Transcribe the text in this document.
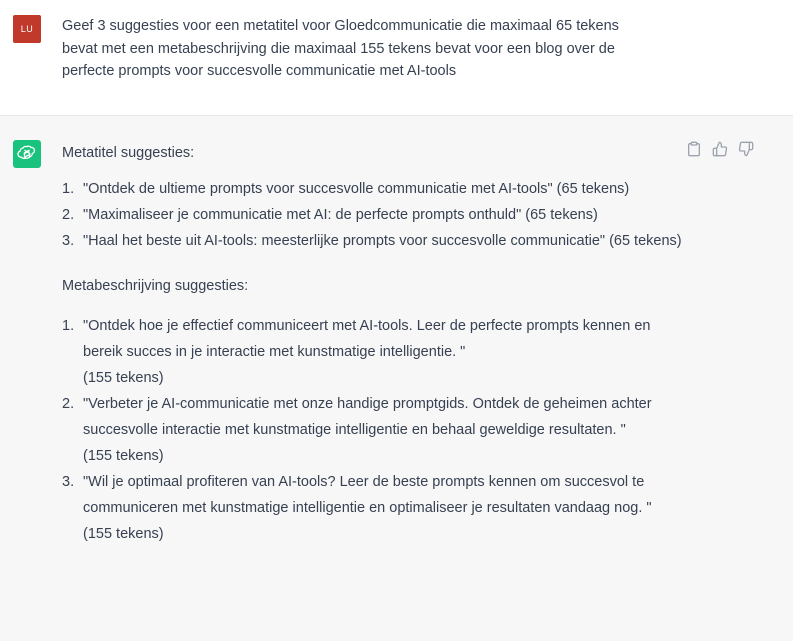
LU	Geef 3 suggesties voor een metatitel voor Gloedcommunicatie die maximaal 65 tekens bevat met een metabeschrijving die maximaal 155 tekens bevat voor een blog over de perfecte prompts voor succesvolle communicatie met AI-tools

Metatitel suggesties:

1. "Ontdek de ultieme prompts voor succesvolle communicatie met AI-tools" (65 tekens)
2. "Maximaliseer je communicatie met AI: de perfecte prompts onthuld" (65 tekens)
3. "Haal het beste uit AI-tools: meesterlijke prompts voor succesvolle communicatie" (65 tekens)

Metabeschrijving suggesties:

1. "Ontdek hoe je effectief communiceert met AI-tools. Leer de perfecte prompts kennen en bereik succes in je interactie met kunstmatige intelligentie. "
(155 tekens)
2. "Verbeter je AI-communicatie met onze handige promptgids. Ontdek de geheimen achter succesvolle interactie met kunstmatige intelligentie en behaal geweldige resultaten. "
(155 tekens)
3. "Wil je optimaal profiteren van AI-tools? Leer de beste prompts kennen om succesvol te communiceren met kunstmatige intelligentie en optimaliseer je resultaten vandaag nog. "
(155 tekens)
